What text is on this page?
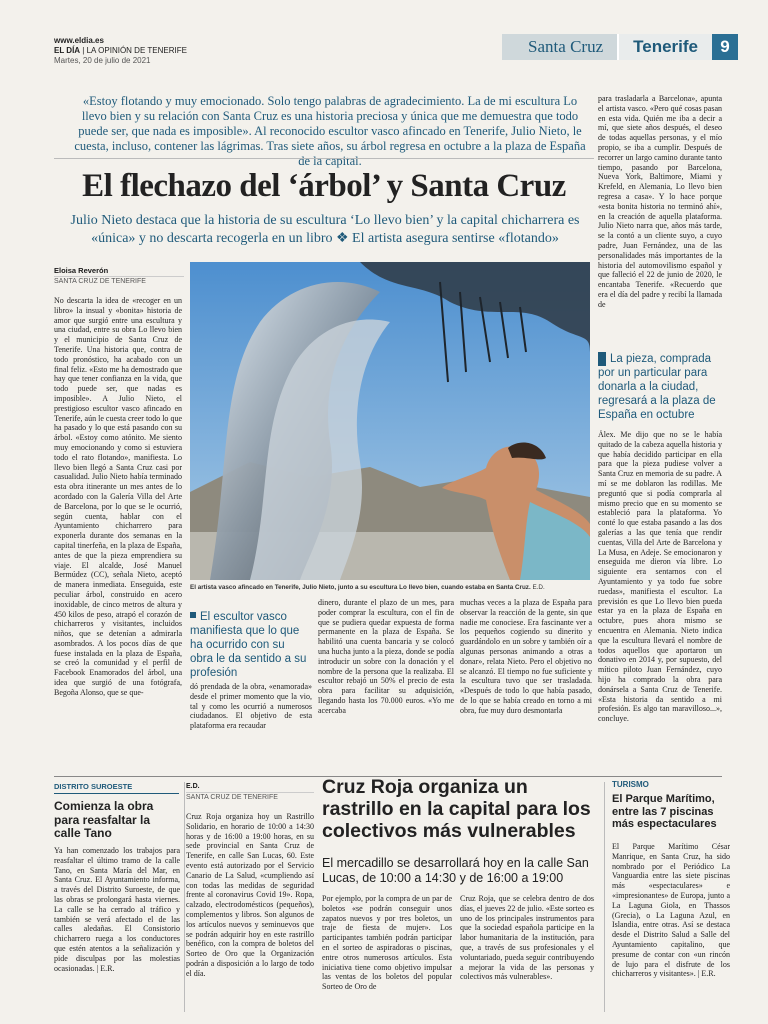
www.eldia.es
EL DÍA | LA OPINIÓN DE TENERIFE
Martes, 20 de julio de 2021
Santa Cruz	Tenerife	9
«Estoy flotando y muy emocionado. Solo tengo palabras de agradecimiento. La de mi escultura Lo llevo bien y su relación con Santa Cruz es una historia preciosa y única que me demuestra que todo puede ser, que nada es imposible». Al reconocido escultor vasco afincado en Tenerife, Julio Nieto, le cuesta, incluso, contener las lágrimas. Tras siete años, su árbol regresa en octubre a la plaza de España de la capital.
El flechazo del ‘árbol’ y Santa Cruz
Julio Nieto destaca que la historia de su escultura ‘Lo llevo bien’ y la capital chicharrera es «única» y no descarta recogerla en un libro ❖ El artista asegura sentirse «flotando»
Eloisa Reverón
SANTA CRUZ DE TENERIFE
No descarta la idea de «recoger en un libro» la insual y «bonita» historia de amor que surgió entre una escultura y una ciudad, entre su obra Lo llevo bien y el municipio de Santa Cruz de Tenerife. Una historia que, contra de todo pronóstico, ha acabado con un final feliz. «Esto me ha demostrado que hay que tener confianza en la vida, que todo puede ser, que nadas es imposible». A Julio Nieto, el prestigioso escultor vasco afincado en Tenerife, aún le cuesta creer todo lo que ha pasado y lo que está pasando con su árbol. «Estoy como atónito. Me siento muy emocionando y como si estuviera todo el rato flotando», manifiesta. Lo llevo bien llegó a Santa Cruz casi por casualidad. Julio Nieto había terminado esta obra itinerante un mes antes de lo acordado con la Galería Villa del Arte de Barcelona, por lo que se le ocurrió, según cuenta, hablar con el Ayuntamiento chicharrero para exponerla durante dos semanas en la capital tinerfeña, en la plaza de España, antes de que la pieza emprendiera su viaje. El alcalde, José Manuel Bermúdez (CC), señala Nieto, aceptó de manera inmediata. Enseguida, este peculiar árbol, construido en acero inoxidable, de cinco metros de altura y 450 kilos de peso, atrapó el corazón de chicharreros y visitantes, incluidos niños, que se detenían a admirarla asombrados. A los pocos días de que fuese instalada en la plaza de España, se creó la comunidad y el perfil de Facebook Enamorados del árbol, una idea que surgió de una fotógrafa, Begoña Alonso, que se que-
El artista vasco afincado en Tenerife, Julio Nieto, junto a su escultura Lo llevo bien, cuando estaba en Santa Cruz. E.D.
El escultor vasco manifiesta que lo que ha ocurrido con su obra le da sentido a su profesión
dó prendada de la obra, «enamorada» desde el primer momento que la vio, tal y como les ocurrió a numerosos ciudadanos. El objetivo de esta plataforma era recaudar
dinero, durante el plazo de un mes, para poder comprar la escultura, con el fin de que se pudiera quedar expuesta de forma permanente en la plaza de España. Se habilitó una cuenta bancaria y se colocó una hucha junto a la pieza, donde se podía introducir un sobre con la donación y el nombre de la persona que la realizaba. El escultor rebajó un 50% el precio de esta obra para facilitar su adquisición, llegando hasta los 70.000 euros. «Yo me acercaba
muchas veces a la plaza de España para observar la reacción de la gente, sin que nadie me conociese. Era fascinante ver a los pequeños cogiendo su dinerito y guardándolo en un sobre y también oír a algunas personas animando a otras a donar», relata Nieto. Pero el objetivo no se alcanzó. El tiempo no fue suficiente y la escultura tuvo que ser trasladada. «Después de todo lo que había pasado, de lo que se había creado en torno a mi obra, fue muy duro desmontarla
para trasladarla a Barcelona», apunta el artista vasco. «Pero qué cosas pasan en esta vida. Quién me iba a decir a mí, que siete años después, el deseo de todas aquellas personas, y el mío propio, se iba a cumplir. Después de recorrer un largo camino durante tanto tiempo, pasando por Barcelona, Nueva York, Baltimore, Miami y Krefeld, en Alemania, Lo llevo bien regresa a casa». Y lo hace porque «esta bonita historia no terminó ahí», en la creación de aquella plataforma. Julio Nieto narra que, años más tarde, se la contó a un cliente suyo, a cuyo padre, Juan Fernández, una de las personalidades más importantes de la historia del automovilismo español y que falleció el 22 de junio de 2020, le encantaba Tenerife. «Recuerdo que era el día del padre y recibí la llamada de
La pieza, comprada por un particular para donarla a la ciudad, regresará a la plaza de España en octubre
Álex. Me dijo que no se le había quitado de la cabeza aquella historia y que había decidido participar en ella para que la pieza pudiese volver a Santa Cruz en memoria de su padre. A mí se me doblaron las rodillas. Me preguntó que si podía comprarla al mismo precio que en su momento se estableció para la plataforma. Yo conté lo que estaba pasando a las dos galerías a las que tenía que rendir cuentas, Villa del Arte de Barcelona y La Musa, en Adeje. Se emocionaron y enseguida me dieron vía libre. Lo siguiente era sentarnos con el Ayuntamiento y ya todo fue sobre ruedas», manifiesta el escultor. La previsión es que Lo llevo bien pueda estar ya en la plaza de España en octubre, pues ahora mismo se encuentra en Alemania. Nieto indica que la escultura llevará el nombre de todos aquellos que aportaron un donativo en 2014 y, por supuesto, del mítico piloto Juan Fernández, cuyo hijo ha comprado la obra para donársela a Santa Cruz de Tenerife. «Esta historia da sentido a mi profesión. Es algo tan maravilloso...», concluye.
DISTRITO SUROESTE
Comienza la obra para reasfaltar la calle Tano
Ya han comenzado los trabajos para reasfaltar el último tramo de la calle Tano, en Santa María del Mar, en Santa Cruz. El Ayuntamiento informa, a través del Distrito Suroeste, de que las obras se prolongará hasta viernes. La calle se ha cerrado al tráfico y también se verá afectado el de las calles aledañas. El Consistorio chicharrero ruega a los conductores que estén atentos a la señalización y pide disculpas por las molestias ocasionadas. | E.R.
E.D.
SANTA CRUZ DE TENERIFE
Cruz Roja organiza hoy un Rastrillo Solidario, en horario de 10:00 a 14:30 horas y de 16:00 a 19:00 horas, en su sede provincial en Santa Cruz de Tenerife, en calle San Lucas, 60. Este evento está autorizado por el Servicio Canario de La Salud, «cumpliendo así con todas las medidas de seguridad frente al coronavirus Covid 19». Ropa, calzado, electrodomésticos (pequeños), complementos y libros. Son algunos de los artículos nuevos y seminuevos que se podrán adquirir hoy en este rastrillo benéfico, con la compra de boletos del Sorteo de Oro que la Organización podrán a disposición a lo largo de todo el día.
Cruz Roja organiza un rastrillo en la capital para los colectivos más vulnerables
El mercadillo se desarrollará hoy en la calle San Lucas, de 10:00 a 14:30 y de 16:00 a 19:00
Por ejemplo, por la compra de un par de boletos «se podrán conseguir unos zapatos nuevos y por tres boletos, un traje de fiesta de mujer». Los participantes también podrán participar en el sorteo de aspiradoras o piscinas, entre otros numerosos artículos. Esta iniciativa tiene como objetivo impulsar las ventas de los boletos del popular Sorteo de Oro de
Cruz Roja, que se celebra dentro de dos días, el jueves 22 de julio. «Este sorteo es uno de los principales instrumentos para que la sociedad española participe en la labor humanitaria de la institución, para que, a través de sus profesionales y el voluntariado, pueda seguir contribuyendo a mejorar la vida de las personas y colectivos más vulnerables».
TURISMO
El Parque Marítimo, entre las 7 piscinas más espectaculares
El Parque Marítimo César Manrique, en Santa Cruz, ha sido nombrado por el Periódico La Vanguardia entre las siete piscinas más «espectaculares» e «impresionantes» de Europa, junto a La Laguna Giola, en Thassos (Grecia), o La Laguna Azul, en Islandia, entre otras. Así se destaca desde el Distrito Salud a Salle del Ayuntamiento capitalino, que presume de contar con «un rincón de lujo para el disfrute de los chicharreros y visitantes». | E.R.
